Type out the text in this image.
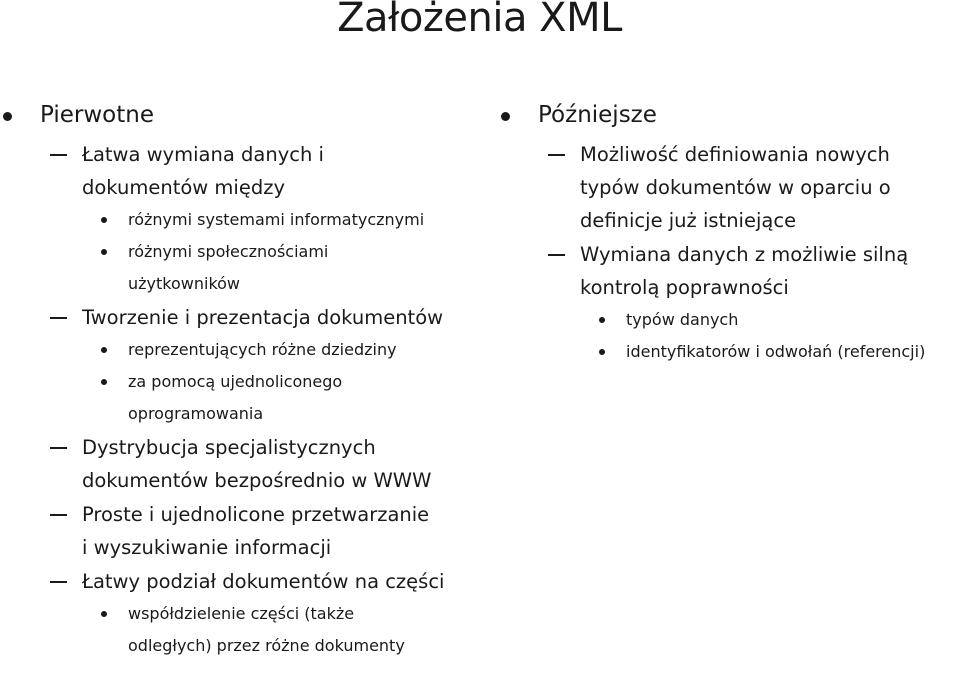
Założenia XML
Pierwotne
Łatwa wymiana danych i
dokumentów między
różnymi systemami informatycznymi
różnymi społecznościami
użytkowników
Tworzenie i prezentacja dokumentów
reprezentujących różne dziedziny
za pomocą ujednoliconego
oprogramowania
Dystrybucja specjalistycznych
dokumentów bezpośrednio w WWW
Proste i ujednolicone przetwarzanie
i wyszukiwanie informacji
Łatwy podział dokumentów na części
współdzielenie części (także
odległych) przez różne dokumenty
Późniejsze
Możliwość definiowania nowych
typów dokumentów w oparciu o
definicje już istniejące
Wymiana danych z możliwie silną
kontrolą poprawności
typów danych
identyfikatorów i odwołań (referencji)
